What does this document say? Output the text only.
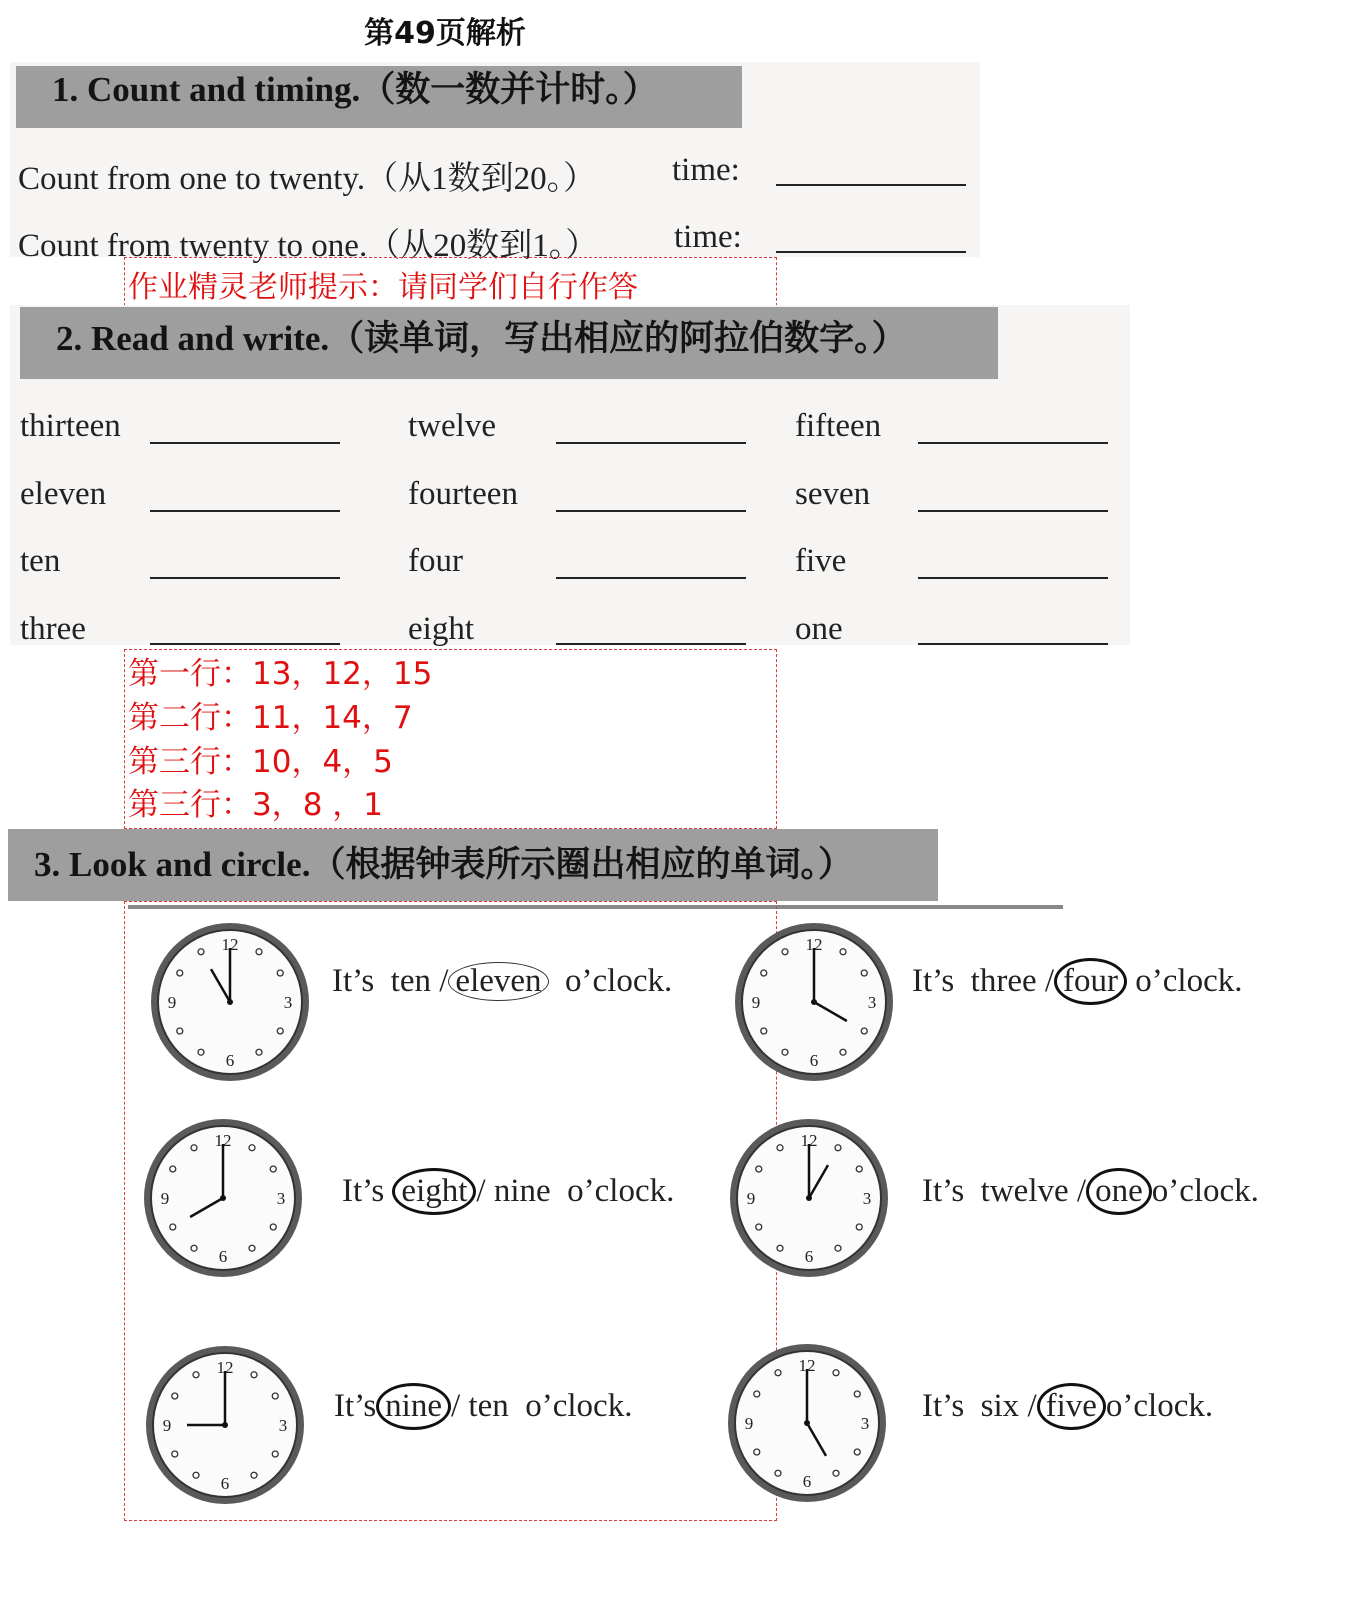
第49页解析
1. Count and timing.（数一数并计时。）
Count from one to twenty.（从1数到20。） time:
Count from twenty to one.（从20数到1。） time:
作业精灵老师提示：请同学们自行作答
2. Read and write.（读单词，写出相应的阿拉伯数字。）
thirteen	twelve	fifteen
eleven	fourteen	seven
ten	four	five
three	eight	one
第一行：13，12，15
第二行：11，14，7
第三行：10，4，5
第三行：3，8 ，1
3. Look and circle.（根据钟表所示圈出相应的单词。）
12
3
6
9
It’s ten / eleven o’clock.
12
3
6
9
It’s three / four o’clock.
12
3
6
9	It’s eight / nine o’clock.
12
3
6
9	It’s twelve / one o’clock.
12
3
6
9
It’s nine / ten o’clock.
12
3
6
9	It’s six / five o’clock.
